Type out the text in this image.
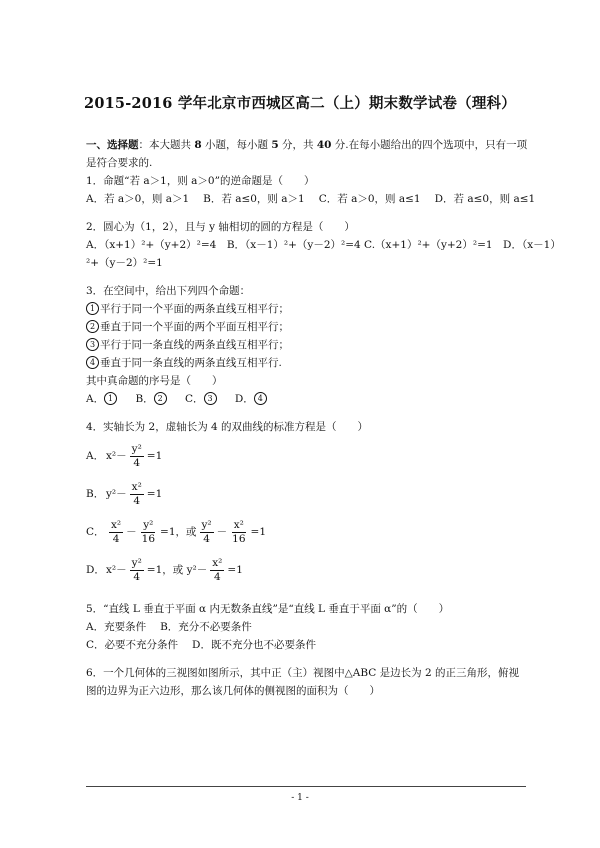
2015-2016 学年北京市西城区高二（上）期末数学试卷（理科）
一、选择题：本大题共 8 小题，每小题 5 分，共 40 分.在每小题给出的四个选项中，只有一项
是符合要求的.
1．命题“若 a＞1，则 a＞0”的逆命题是（　　）
A．若 a＞0，则 a＞1 B．若 a≤0，则 a＞1 C．若 a＞0，则 a≤1 D．若 a≤0，则 a≤1
2．圆心为（1，2），且与 y 轴相切的圆的方程是（　　）
A．（x+1）²+（y+2）²=4　B．（x－1）²+（y－2）²=4 C.（x+1）²+（y+2）²=1　D．（x－1）
²+（y－2）²=1
3．在空间中，给出下列四个命题：
1 平行于同一个平面的两条直线互相平行；
2 垂直于同一个平面的两个平面互相平行；
3 平行于同一条直线的两条直线互相平行；
4 垂直于同一条直线的两条直线互相平行.
其中真命题的序号是（　　）
A． 1 B． 2 C． 3 D． 4
4．实轴长为 2，虚轴长为 4 的双曲线的标准方程是（　　）
A． $x^2- \frac{\text{y²}}{4} =1$
B． $y^2- \frac{\text{x²}}{4} =1$
C． $\frac{\text{x²}}{4} - \frac{\text{y²}}{16} =1$，或 $\frac{\text{y²}}{4} - \frac{\text{x²}}{16} =1$
D． $x^2- \frac{\text{y²}}{4} =1$，或 $y^2- \frac{\text{x²}}{4} =1$
5．“直线 L 垂直于平面 α 内无数条直线”是“直线 L 垂直于平面 α”的（　　）
A．充要条件 B．充分不必要条件
C．必要不充分条件 D．既不充分也不必要条件
6．一个几何体的三视图如图所示，其中正（主）视图中△ABC 是边长为 2 的正三角形，俯视
图的边界为正六边形，那么该几何体的侧视图的面积为（　　）
- 1 -
